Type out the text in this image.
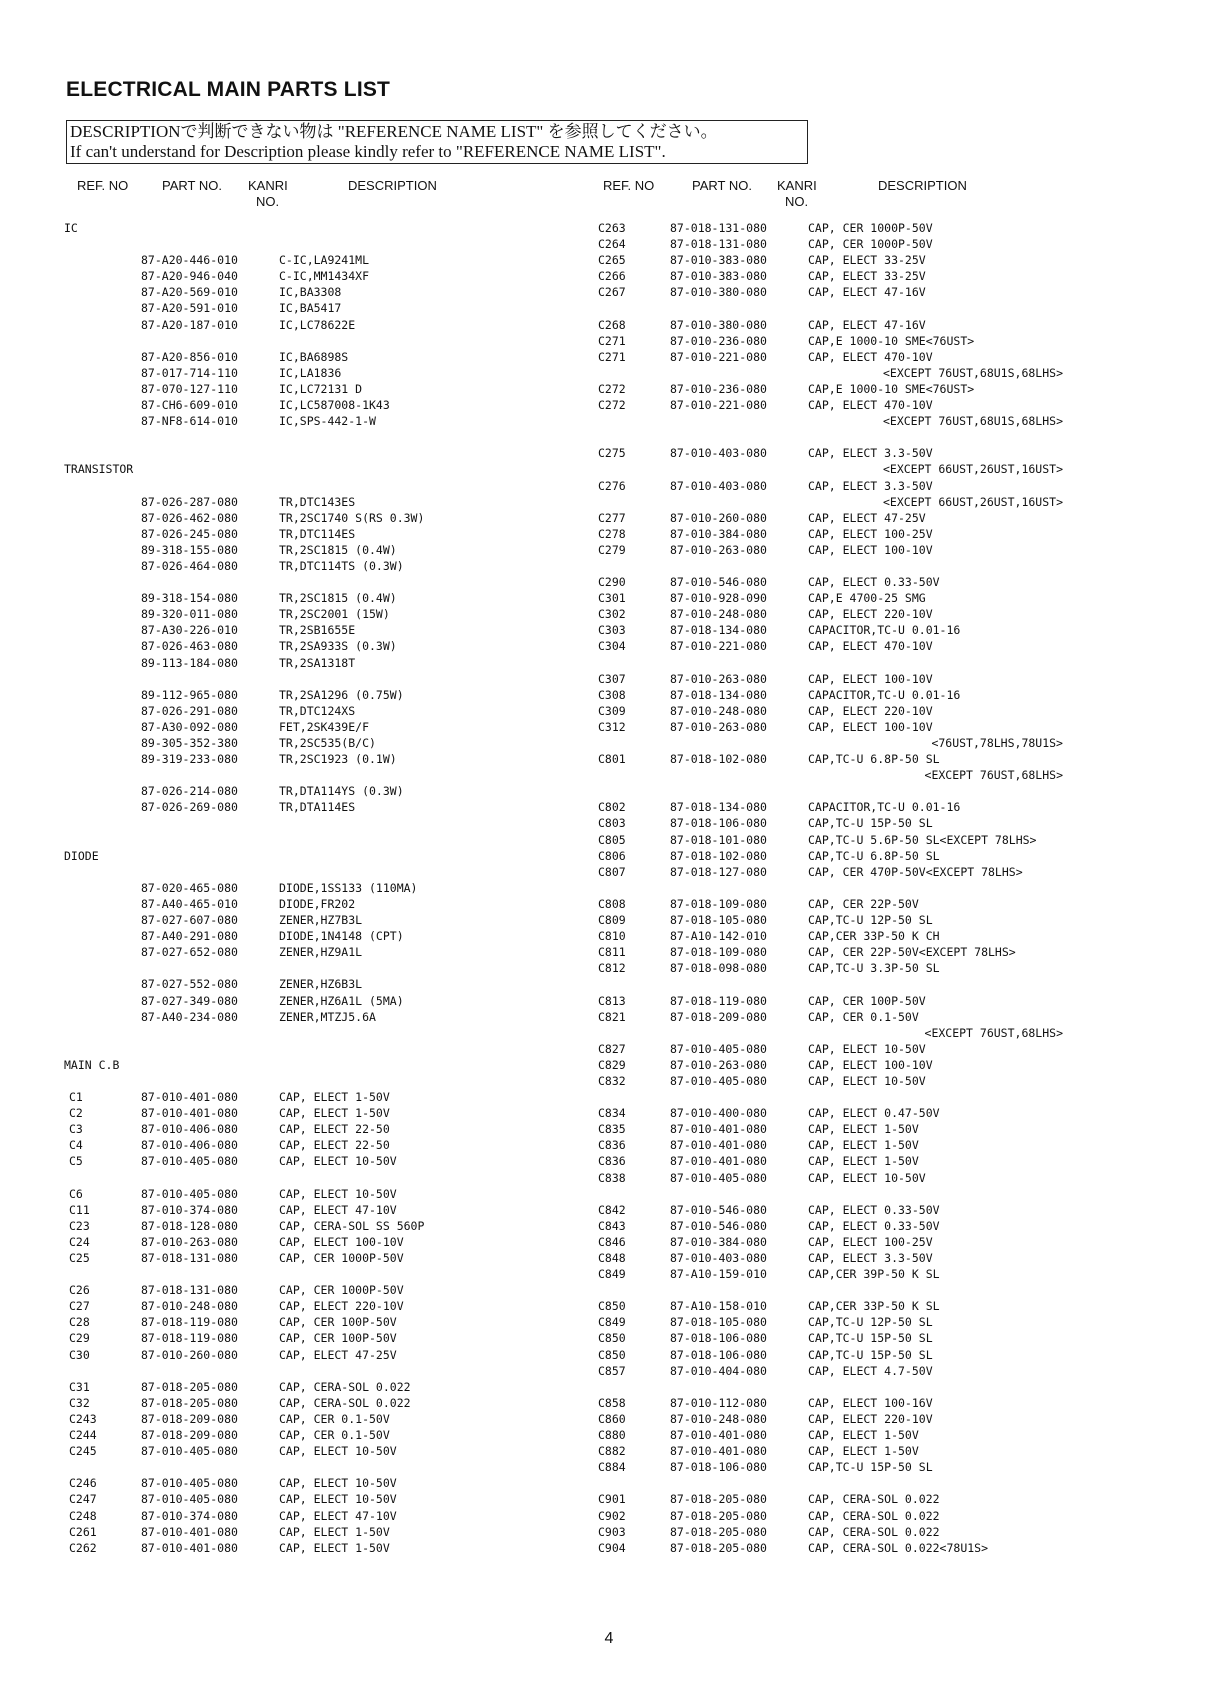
ELECTRICAL MAIN PARTS LIST
DESCRIPTIONで判断できない物は "REFERENCE NAME LIST" を参照してください。
If can't understand for Description please kindly refer to "REFERENCE NAME LIST".
REF. NO	PART NO. KANRI
NO.
DESCRIPTION	REF. NO	PART NO. KANRI
NO.
DESCRIPTION
IC
87-A20-446-010	C-IC,LA9241ML
87-A20-946-040	C-IC,MM1434XF
87-A20-569-010	IC,BA3308
87-A20-591-010	IC,BA5417
87-A20-187-010	IC,LC78622E
87-A20-856-010	IC,BA6898S
87-017-714-110	IC,LA1836
87-070-127-110	IC,LC72131 D
87-CH6-609-010	IC,LC587008-1K43
87-NF8-614-010	IC,SPS-442-1-W
TRANSISTOR
87-026-287-080	TR,DTC143ES
87-026-462-080	TR,2SC1740 S(RS 0.3W)
87-026-245-080	TR,DTC114ES
89-318-155-080	TR,2SC1815 (0.4W)
87-026-464-080	TR,DTC114TS (0.3W)
89-318-154-080	TR,2SC1815 (0.4W)
89-320-011-080	TR,2SC2001 (15W)
87-A30-226-010	TR,2SB1655E
87-026-463-080	TR,2SA933S (0.3W)
89-113-184-080	TR,2SA1318T
89-112-965-080	TR,2SA1296 (0.75W)
87-026-291-080	TR,DTC124XS
87-A30-092-080	FET,2SK439E/F
89-305-352-380	TR,2SC535(B/C)
89-319-233-080	TR,2SC1923 (0.1W)
87-026-214-080	TR,DTA114YS (0.3W)
87-026-269-080	TR,DTA114ES
DIODE
87-020-465-080	DIODE,1SS133 (110MA)
87-A40-465-010	DIODE,FR202
87-027-607-080	ZENER,HZ7B3L
87-A40-291-080	DIODE,1N4148 (CPT)
87-027-652-080	ZENER,HZ9A1L
87-027-552-080	ZENER,HZ6B3L
87-027-349-080	ZENER,HZ6A1L (5MA)
87-A40-234-080	ZENER,MTZJ5.6A
MAIN C.B
C1	87-010-401-080	CAP, ELECT 1-50V
C2	87-010-401-080	CAP, ELECT 1-50V
C3	87-010-406-080	CAP, ELECT 22-50
C4	87-010-406-080	CAP, ELECT 22-50
C5	87-010-405-080	CAP, ELECT 10-50V
C6	87-010-405-080	CAP, ELECT 10-50V
C11	87-010-374-080	CAP, ELECT 47-10V
C23	87-018-128-080	CAP, CERA-SOL SS 560P
C24	87-010-263-080	CAP, ELECT 100-10V
C25	87-018-131-080	CAP, CER 1000P-50V
C26	87-018-131-080	CAP, CER 1000P-50V
C27	87-010-248-080	CAP, ELECT 220-10V
C28	87-018-119-080	CAP, CER 100P-50V
C29	87-018-119-080	CAP, CER 100P-50V
C30	87-010-260-080	CAP, ELECT 47-25V
C31	87-018-205-080	CAP, CERA-SOL 0.022
C32	87-018-205-080	CAP, CERA-SOL 0.022
C243	87-018-209-080	CAP, CER 0.1-50V
C244	87-018-209-080	CAP, CER 0.1-50V
C245	87-010-405-080	CAP, ELECT 10-50V
C246	87-010-405-080	CAP, ELECT 10-50V
C247	87-010-405-080	CAP, ELECT 10-50V
C248	87-010-374-080	CAP, ELECT 47-10V
C261	87-010-401-080	CAP, ELECT 1-50V
C262	87-010-401-080	CAP, ELECT 1-50V
C263	87-018-131-080	CAP, CER 1000P-50V
C264	87-018-131-080	CAP, CER 1000P-50V
C265	87-010-383-080	CAP, ELECT 33-25V
C266	87-010-383-080	CAP, ELECT 33-25V
C267	87-010-380-080	CAP, ELECT 47-16V
C268	87-010-380-080	CAP, ELECT 47-16V
C271	87-010-236-080	CAP,E 1000-10 SME<76UST>
C271	87-010-221-080	CAP, ELECT 470-10V
<EXCEPT 76UST,68U1S,68LHS>
C272	87-010-236-080	CAP,E 1000-10 SME<76UST>
C272	87-010-221-080	CAP, ELECT 470-10V
<EXCEPT 76UST,68U1S,68LHS>
C275	87-010-403-080	CAP, ELECT 3.3-50V
<EXCEPT 66UST,26UST,16UST>
C276	87-010-403-080	CAP, ELECT 3.3-50V
<EXCEPT 66UST,26UST,16UST>
C277	87-010-260-080	CAP, ELECT 47-25V
C278	87-010-384-080	CAP, ELECT 100-25V
C279	87-010-263-080	CAP, ELECT 100-10V
C290	87-010-546-080	CAP, ELECT 0.33-50V
C301	87-010-928-090	CAP,E 4700-25 SMG
C302	87-010-248-080	CAP, ELECT 220-10V
C303	87-018-134-080	CAPACITOR,TC-U 0.01-16
C304	87-010-221-080	CAP, ELECT 470-10V
C307	87-010-263-080	CAP, ELECT 100-10V
C308	87-018-134-080	CAPACITOR,TC-U 0.01-16
C309	87-010-248-080	CAP, ELECT 220-10V
C312	87-010-263-080	CAP, ELECT 100-10V
<76UST,78LHS,78U1S>
C801	87-018-102-080	CAP,TC-U 6.8P-50 SL
<EXCEPT 76UST,68LHS>
C802	87-018-134-080	CAPACITOR,TC-U 0.01-16
C803	87-018-106-080	CAP,TC-U 15P-50 SL
C805	87-018-101-080	CAP,TC-U 5.6P-50 SL<EXCEPT 78LHS>
C806	87-018-102-080	CAP,TC-U 6.8P-50 SL
C807	87-018-127-080	CAP, CER 470P-50V<EXCEPT 78LHS>
C808	87-018-109-080	CAP, CER 22P-50V
C809	87-018-105-080	CAP,TC-U 12P-50 SL
C810	87-A10-142-010	CAP,CER 33P-50 K CH
C811	87-018-109-080	CAP, CER 22P-50V<EXCEPT 78LHS>
C812	87-018-098-080	CAP,TC-U 3.3P-50 SL
C813	87-018-119-080	CAP, CER 100P-50V
C821	87-018-209-080	CAP, CER 0.1-50V
<EXCEPT 76UST,68LHS>
C827	87-010-405-080	CAP, ELECT 10-50V
C829	87-010-263-080	CAP, ELECT 100-10V
C832	87-010-405-080	CAP, ELECT 10-50V
C834	87-010-400-080	CAP, ELECT 0.47-50V
C835	87-010-401-080	CAP, ELECT 1-50V
C836	87-010-401-080	CAP, ELECT 1-50V
C836	87-010-401-080	CAP, ELECT 1-50V
C838	87-010-405-080	CAP, ELECT 10-50V
C842	87-010-546-080	CAP, ELECT 0.33-50V
C843	87-010-546-080	CAP, ELECT 0.33-50V
C846	87-010-384-080	CAP, ELECT 100-25V
C848	87-010-403-080	CAP, ELECT 3.3-50V
C849	87-A10-159-010	CAP,CER 39P-50 K SL
C850	87-A10-158-010	CAP,CER 33P-50 K SL
C849	87-018-105-080	CAP,TC-U 12P-50 SL
C850	87-018-106-080	CAP,TC-U 15P-50 SL
C850	87-018-106-080	CAP,TC-U 15P-50 SL
C857	87-010-404-080	CAP, ELECT 4.7-50V
C858	87-010-112-080	CAP, ELECT 100-16V
C860	87-010-248-080	CAP, ELECT 220-10V
C880	87-010-401-080	CAP, ELECT 1-50V
C882	87-010-401-080	CAP, ELECT 1-50V
C884	87-018-106-080	CAP,TC-U 15P-50 SL
C901	87-018-205-080	CAP, CERA-SOL 0.022
C902	87-018-205-080	CAP, CERA-SOL 0.022
C903	87-018-205-080	CAP, CERA-SOL 0.022
C904	87-018-205-080	CAP, CERA-SOL 0.022<78U1S>
4
